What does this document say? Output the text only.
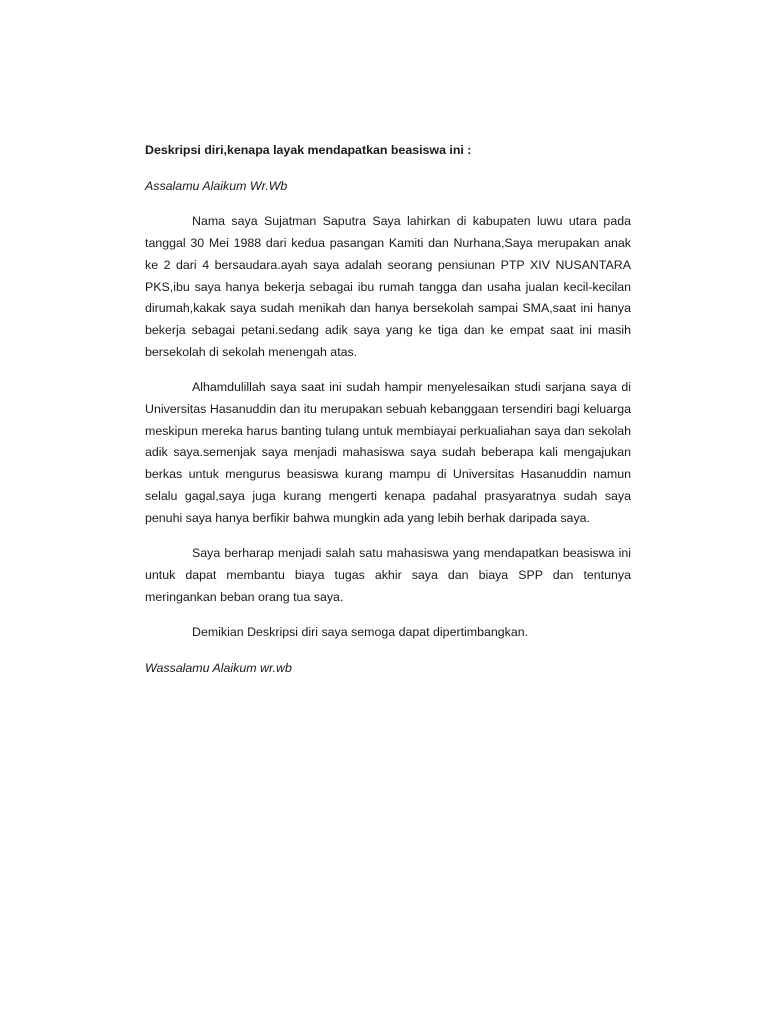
Deskripsi diri,kenapa layak mendapatkan beasiswa ini :

Assalamu Alaikum Wr.Wb

Nama saya Sujatman Saputra Saya lahirkan di kabupaten luwu utara pada tanggal 30 Mei 1988 dari kedua pasangan Kamiti dan Nurhana,Saya merupakan anak ke 2 dari 4 bersaudara.ayah saya adalah seorang pensiunan PTP XIV NUSANTARA PKS,ibu saya hanya bekerja sebagai ibu rumah tangga dan usaha jualan kecil-kecilan dirumah,kakak saya sudah menikah dan hanya bersekolah sampai SMA,saat ini hanya bekerja sebagai petani.sedang adik saya yang ke tiga dan ke empat saat ini masih bersekolah di sekolah menengah atas.

Alhamdulillah saya saat ini sudah hampir menyelesaikan studi sarjana saya di Universitas Hasanuddin dan itu merupakan sebuah kebanggaan tersendiri bagi keluarga meskipun mereka harus banting tulang untuk membiayai perkualiahan saya dan sekolah adik saya.semenjak saya menjadi mahasiswa saya sudah beberapa kali mengajukan berkas untuk mengurus beasiswa kurang mampu di Universitas Hasanuddin namun selalu gagal,saya juga kurang mengerti kenapa padahal prasyaratnya sudah saya penuhi saya hanya berfikir bahwa mungkin ada yang lebih berhak daripada saya.

Saya berharap menjadi salah satu mahasiswa yang mendapatkan beasiswa ini untuk dapat membantu biaya tugas akhir saya dan biaya SPP dan tentunya meringankan beban orang tua saya.

Demikian Deskripsi diri saya semoga dapat dipertimbangkan.

Wassalamu Alaikum wr.wb
